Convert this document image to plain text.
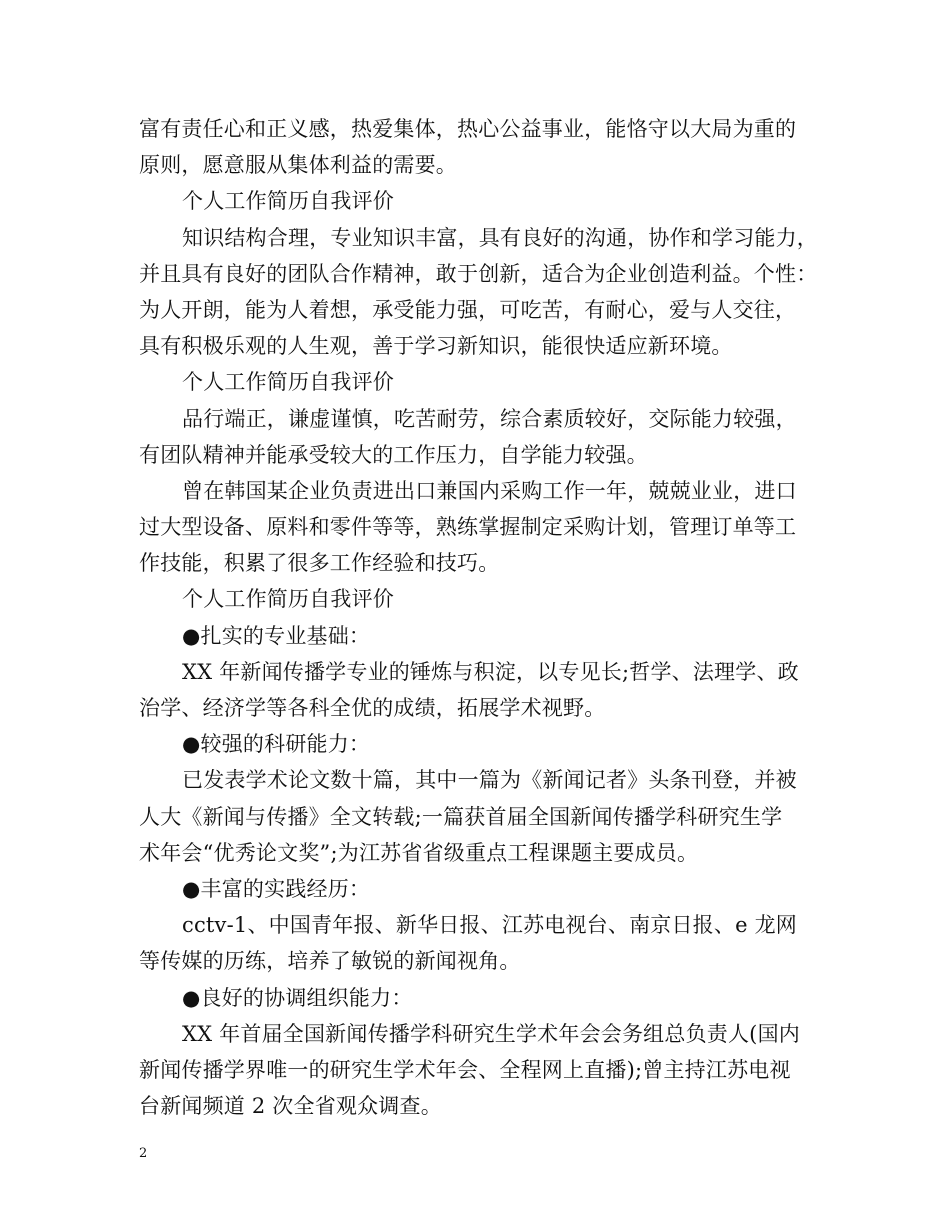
富有责任心和正义感，热爱集体，热心公益事业，能恪守以大局为重的
原则，愿意服从集体利益的需要。
个人工作简历自我评价
知识结构合理，专业知识丰富，具有良好的沟通，协作和学习能力，
并且具有良好的团队合作精神，敢于创新，适合为企业创造利益。个性：
为人开朗，能为人着想，承受能力强，可吃苦，有耐心，爱与人交往，
具有积极乐观的人生观，善于学习新知识，能很快适应新环境。
个人工作简历自我评价
品行端正，谦虚谨慎，吃苦耐劳，综合素质较好，交际能力较强，
有团队精神并能承受较大的工作压力，自学能力较强。
曾在韩国某企业负责进出口兼国内采购工作一年，兢兢业业，进口
过大型设备、原料和零件等等，熟练掌握制定采购计划，管理订单等工
作技能，积累了很多工作经验和技巧。
个人工作简历自我评价
●扎实的专业基础：
XX 年新闻传播学专业的锤炼与积淀，以专见长;哲学、法理学、政
治学、经济学等各科全优的成绩，拓展学术视野。
●较强的科研能力：
已发表学术论文数十篇，其中一篇为《新闻记者》头条刊登，并被
人大《新闻与传播》全文转载;一篇获首届全国新闻传播学科研究生学
术年会“优秀论文奖”;为江苏省省级重点工程课题主要成员。
●丰富的实践经历：
cctv-1、中国青年报、新华日报、江苏电视台、南京日报、e 龙网
等传媒的历练，培养了敏锐的新闻视角。
●良好的协调组织能力：
XX 年首届全国新闻传播学科研究生学术年会会务组总负责人(国内
新闻传播学界唯一的研究生学术年会、全程网上直播);曾主持江苏电视
台新闻频道 2 次全省观众调查。
2
